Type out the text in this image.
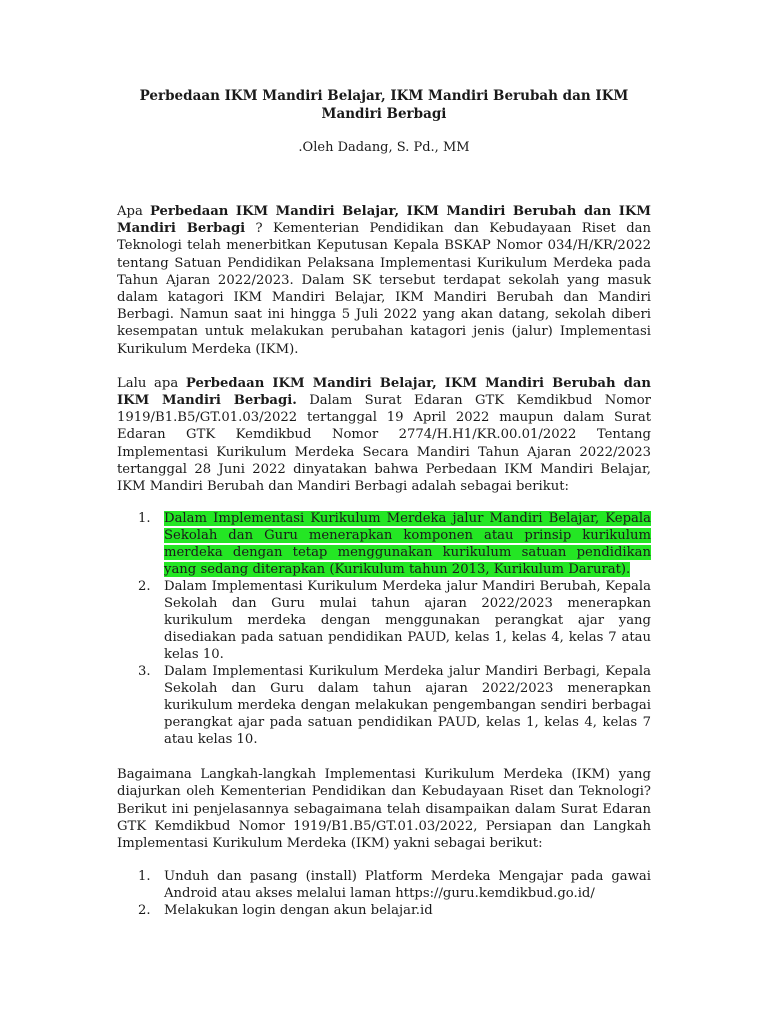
Perbedaan IKM Mandiri Belajar, IKM Mandiri Berubah dan IKM Mandiri Berbagi
.Oleh Dadang, S. Pd., MM

Apa Perbedaan IKM Mandiri Belajar, IKM Mandiri Berubah dan IKM Mandiri Berbagi ? Kementerian Pendidikan dan Kebudayaan Riset dan Teknologi telah menerbitkan Keputusan Kepala BSKAP Nomor 034/H/KR/2022 tentang Satuan Pendidikan Pelaksana Implementasi Kurikulum Merdeka pada Tahun Ajaran 2022/2023. Dalam SK tersebut terdapat sekolah yang masuk dalam katagori IKM Mandiri Belajar, IKM Mandiri Berubah dan Mandiri Berbagi. Namun saat ini hingga 5 Juli 2022 yang akan datang, sekolah diberi kesempatan untuk melakukan perubahan katagori jenis (jalur) Implementasi Kurikulum Merdeka (IKM).

Lalu apa Perbedaan IKM Mandiri Belajar, IKM Mandiri Berubah dan IKM Mandiri Berbagi. Dalam Surat Edaran GTK Kemdikbud Nomor 1919/B1.B5/GT.01.03/2022 tertanggal 19 April 2022 maupun dalam Surat Edaran GTK Kemdikbud Nomor 2774/H.H1/KR.00.01/2022 Tentang Implementasi Kurikulum Merdeka Secara Mandiri Tahun Ajaran 2022/2023 tertanggal 28 Juni 2022 dinyatakan bahwa Perbedaan IKM Mandiri Belajar, IKM Mandiri Berubah dan Mandiri Berbagi adalah sebagai berikut:

1. Dalam Implementasi Kurikulum Merdeka jalur Mandiri Belajar, Kepala Sekolah dan Guru menerapkan komponen atau prinsip kurikulum merdeka dengan tetap menggunakan kurikulum satuan pendidikan yang sedang diterapkan (Kurikulum tahun 2013, Kurikulum Darurat).
2. Dalam Implementasi Kurikulum Merdeka jalur Mandiri Berubah, Kepala Sekolah dan Guru mulai tahun ajaran 2022/2023 menerapkan kurikulum merdeka dengan menggunakan perangkat ajar yang disediakan pada satuan pendidikan PAUD, kelas 1, kelas 4, kelas 7 atau kelas 10.
3. Dalam Implementasi Kurikulum Merdeka jalur Mandiri Berbagi, Kepala Sekolah dan Guru dalam tahun ajaran 2022/2023 menerapkan kurikulum merdeka dengan melakukan pengembangan sendiri berbagai perangkat ajar pada satuan pendidikan PAUD, kelas 1, kelas 4, kelas 7 atau kelas 10.

Bagaimana Langkah-langkah Implementasi Kurikulum Merdeka (IKM) yang diajurkan oleh Kementerian Pendidikan dan Kebudayaan Riset dan Teknologi? Berikut ini penjelasannya sebagaimana telah disampaikan dalam Surat Edaran GTK Kemdikbud Nomor 1919/B1.B5/GT.01.03/2022, Persiapan dan Langkah Implementasi Kurikulum Merdeka (IKM) yakni sebagai berikut:

1. Unduh dan pasang (install) Platform Merdeka Mengajar pada gawai Android atau akses melalui laman https://guru.kemdikbud.go.id/
2. Melakukan login dengan akun belajar.id
